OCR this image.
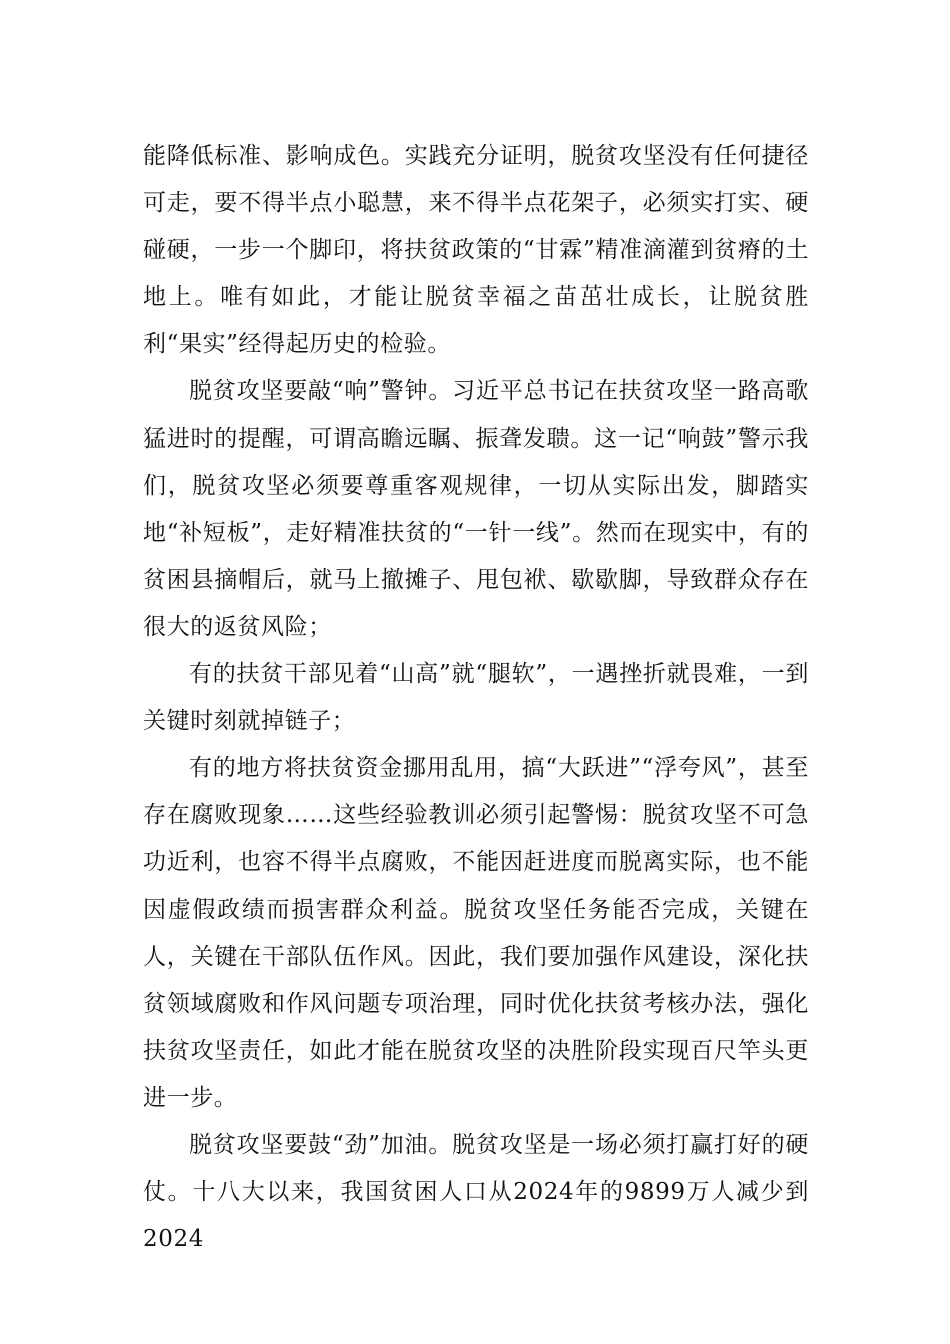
能降低标准、影响成色。实践充分证明，脱贫攻坚没有任何捷径可走，要不得半点小聪慧，来不得半点花架子，必须实打实、硬碰硬，一步一个脚印，将扶贫政策的“甘霖”精准滴灌到贫瘠的土地上。唯有如此，才能让脱贫幸福之苗茁壮成长，让脱贫胜利“果实”经得起历史的检验。

脱贫攻坚要敲“响”警钟。习近平总书记在扶贫攻坚一路高歌猛进时的提醒，可谓高瞻远瞩、振聋发聩。这一记“响鼓”警示我们，脱贫攻坚必须要尊重客观规律，一切从实际出发，脚踏实地“补短板”，走好精准扶贫的“一针一线”。然而在现实中，有的贫困县摘帽后，就马上撤摊子、甩包袱、歇歇脚，导致群众存在很大的返贫风险；

有的扶贫干部见着“山高”就“腿软”，一遇挫折就畏难，一到关键时刻就掉链子；

有的地方将扶贫资金挪用乱用，搞“大跃进”“浮夸风”，甚至存在腐败现象……这些经验教训必须引起警惕：脱贫攻坚不可急功近利，也容不得半点腐败，不能因赶进度而脱离实际，也不能因虚假政绩而损害群众利益。脱贫攻坚任务能否完成，关键在人，关键在干部队伍作风。因此，我们要加强作风建设，深化扶贫领域腐败和作风问题专项治理，同时优化扶贫考核办法，强化扶贫攻坚责任，如此才能在脱贫攻坚的决胜阶段实现百尺竿头更进一步。

脱贫攻坚要鼓“劲”加油。脱贫攻坚是一场必须打赢打好的硬仗。十八大以来，我国贫困人口从2024年的9899万人减少到2024
